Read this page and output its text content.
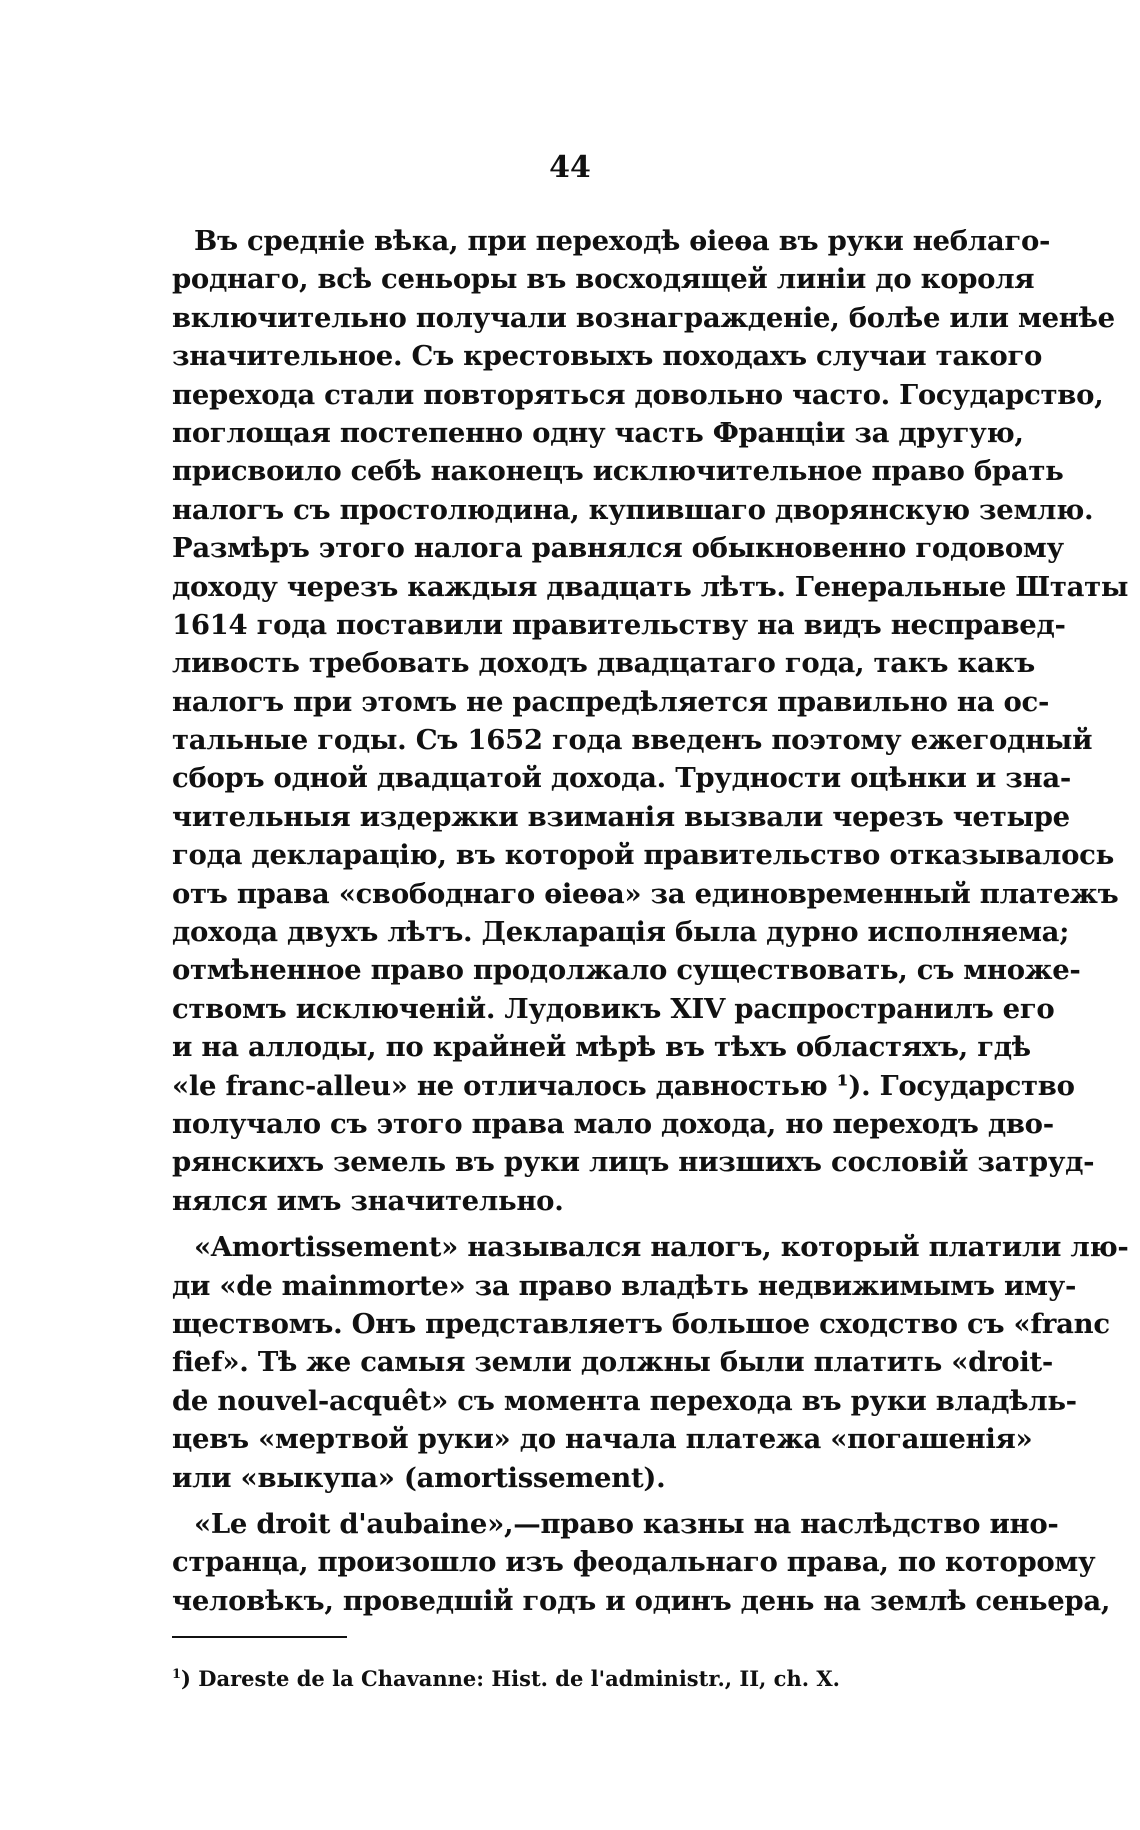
44
Въ средніе вѣка, при переходѣ ѳіеѳа въ руки неблаго-
роднаго, всѣ сеньоры въ восходящей линіи до короля
включительно получали вознагражденіе, болѣе или менѣе
значительное. Съ крестовыхъ походахъ случаи такого
перехода стали повторяться довольно часто. Государство,
поглощая постепенно одну часть Франціи за другую,
присвоило себѣ наконецъ исключительное право брать
налогъ съ простолюдина, купившаго дворянскую землю.
Размѣръ этого налога равнялся обыкновенно годовому
доходу черезъ каждыя двадцать лѣтъ. Генеральные Штаты
1614 года поставили правительству на видъ несправед-
ливость требовать доходъ двадцатаго года, такъ какъ
налогъ при этомъ не распредѣляется правильно на ос-
тальные годы. Съ 1652 года введенъ поэтому ежегодный
сборъ одной двадцатой дохода. Трудности оцѣнки и зна-
чительныя издержки взиманія вызвали черезъ четыре
года декларацію, въ которой правительство отказывалось
отъ права «свободнаго ѳіеѳа» за единовременный платежъ
дохода двухъ лѣтъ. Декларація была дурно исполняема;
отмѣненное право продолжало существовать, съ множе-
ствомъ исключеній. Лудовикъ XIV распространилъ его
и на аллоды, по крайней мѣрѣ въ тѣхъ областяхъ, гдѣ
«le franc-alleu» не отличалось давностью ¹). Государство
получало съ этого права мало дохода, но переходъ дво-
рянскихъ земель въ руки лицъ низшихъ сословій затруд-
нялся имъ значительно.
«Amortissement» назывался налогъ, который платили лю-
ди «de mainmorte» за право владѣть недвижимымъ иму-
ществомъ. Онъ представляетъ большое сходство съ «franc
fief». Тѣ же самыя земли должны были платить «droit-
de nouvel-acquêt» съ момента перехода въ руки владѣль-
цевъ «мертвой руки» до начала платежа «погашенія»
или «выкупа» (amortissement).
«Le droit d'aubaine»,—право казны на наслѣдство ино-
странца, произошло изъ феодальнаго права, по которому
человѣкъ, проведшій годъ и одинъ день на землѣ сеньера,
$^1$) Dareste de la Chavanne: Hist. de l'administr., II, ch. X.
